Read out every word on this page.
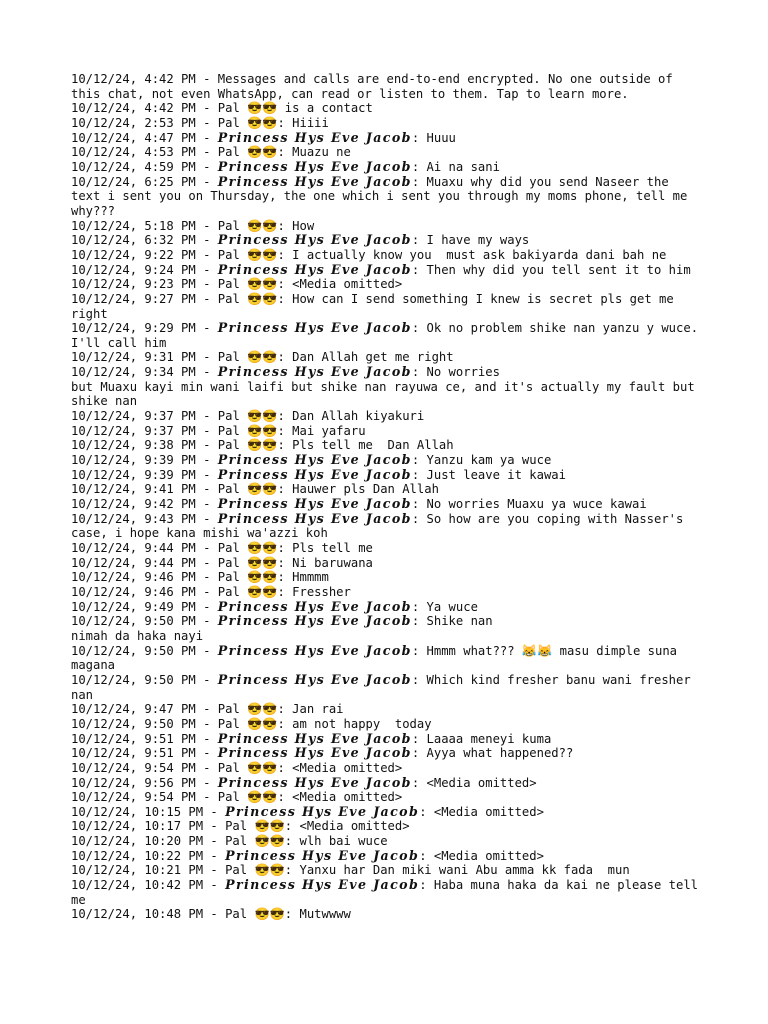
10/12/24, 4:42 PM - Messages and calls are end-to-end encrypted. No one outside of this chat, not even WhatsApp, can read or listen to them. Tap to learn more.
10/12/24, 4:42 PM - Pal 😎😎 is a contact
10/12/24, 2:53 PM - Pal 😎😎: Hiiii
10/12/24, 4:47 PM - Princess Hys Eve Jacob: Huuu
10/12/24, 4:53 PM - Pal 😎😎: Muazu ne
10/12/24, 4:59 PM - Princess Hys Eve Jacob: Ai na sani
10/12/24, 6:25 PM - Princess Hys Eve Jacob: Muaxu why did you send Naseer the text i sent you on Thursday, the one which i sent you through my moms phone, tell me why???
10/12/24, 5:18 PM - Pal 😎😎: How
10/12/24, 6:32 PM - Princess Hys Eve Jacob: I have my ways
10/12/24, 9:22 PM - Pal 😎😎: I actually know you  must ask bakiyarda dani bah ne
10/12/24, 9:24 PM - Princess Hys Eve Jacob: Then why did you tell sent it to him
10/12/24, 9:23 PM - Pal 😎😎: <Media omitted>
10/12/24, 9:27 PM - Pal 😎😎: How can I send something I knew is secret pls get me right
10/12/24, 9:29 PM - Princess Hys Eve Jacob: Ok no problem shike nan yanzu y wuce. I'll call him
10/12/24, 9:31 PM - Pal 😎😎: Dan Allah get me right
10/12/24, 9:34 PM - Princess Hys Eve Jacob: No worries
but Muaxu kayi min wani laifi but shike nan rayuwa ce, and it's actually my fault but shike nan
10/12/24, 9:37 PM - Pal 😎😎: Dan Allah kiyakuri
10/12/24, 9:37 PM - Pal 😎😎: Mai yafaru
10/12/24, 9:38 PM - Pal 😎😎: Pls tell me  Dan Allah
10/12/24, 9:39 PM - Princess Hys Eve Jacob: Yanzu kam ya wuce
10/12/24, 9:39 PM - Princess Hys Eve Jacob: Just leave it kawai
10/12/24, 9:41 PM - Pal 😎😎: Hauwer pls Dan Allah
10/12/24, 9:42 PM - Princess Hys Eve Jacob: No worries Muaxu ya wuce kawai
10/12/24, 9:43 PM - Princess Hys Eve Jacob: So how are you coping with Nasser's case, i hope kana mishi wa'azzi koh
10/12/24, 9:44 PM - Pal 😎😎: Pls tell me
10/12/24, 9:44 PM - Pal 😎😎: Ni baruwana
10/12/24, 9:46 PM - Pal 😎😎: Hmmmm
10/12/24, 9:46 PM - Pal 😎😎: Fressher
10/12/24, 9:49 PM - Princess Hys Eve Jacob: Ya wuce
10/12/24, 9:50 PM - Princess Hys Eve Jacob: Shike nan
nimah da haka nayi
10/12/24, 9:50 PM - Princess Hys Eve Jacob: Hmmm what??? 😹😹 masu dimple suna magana
10/12/24, 9:50 PM - Princess Hys Eve Jacob: Which kind fresher banu wani fresher nan
10/12/24, 9:47 PM - Pal 😎😎: Jan rai
10/12/24, 9:50 PM - Pal 😎😎: am not happy  today
10/12/24, 9:51 PM - Princess Hys Eve Jacob: Laaaa meneyi kuma
10/12/24, 9:51 PM - Princess Hys Eve Jacob: Ayya what happened??
10/12/24, 9:54 PM - Pal 😎😎: <Media omitted>
10/12/24, 9:56 PM - Princess Hys Eve Jacob: <Media omitted>
10/12/24, 9:54 PM - Pal 😎😎: <Media omitted>
10/12/24, 10:15 PM - Princess Hys Eve Jacob: <Media omitted>
10/12/24, 10:17 PM - Pal 😎😎: <Media omitted>
10/12/24, 10:20 PM - Pal 😎😎: wlh bai wuce
10/12/24, 10:22 PM - Princess Hys Eve Jacob: <Media omitted>
10/12/24, 10:21 PM - Pal 😎😎: Yanxu har Dan miki wani Abu amma kk fada  mun
10/12/24, 10:42 PM - Princess Hys Eve Jacob: Haba muna haka da kai ne please tell me
10/12/24, 10:48 PM - Pal 😎😎: Mutwwww
